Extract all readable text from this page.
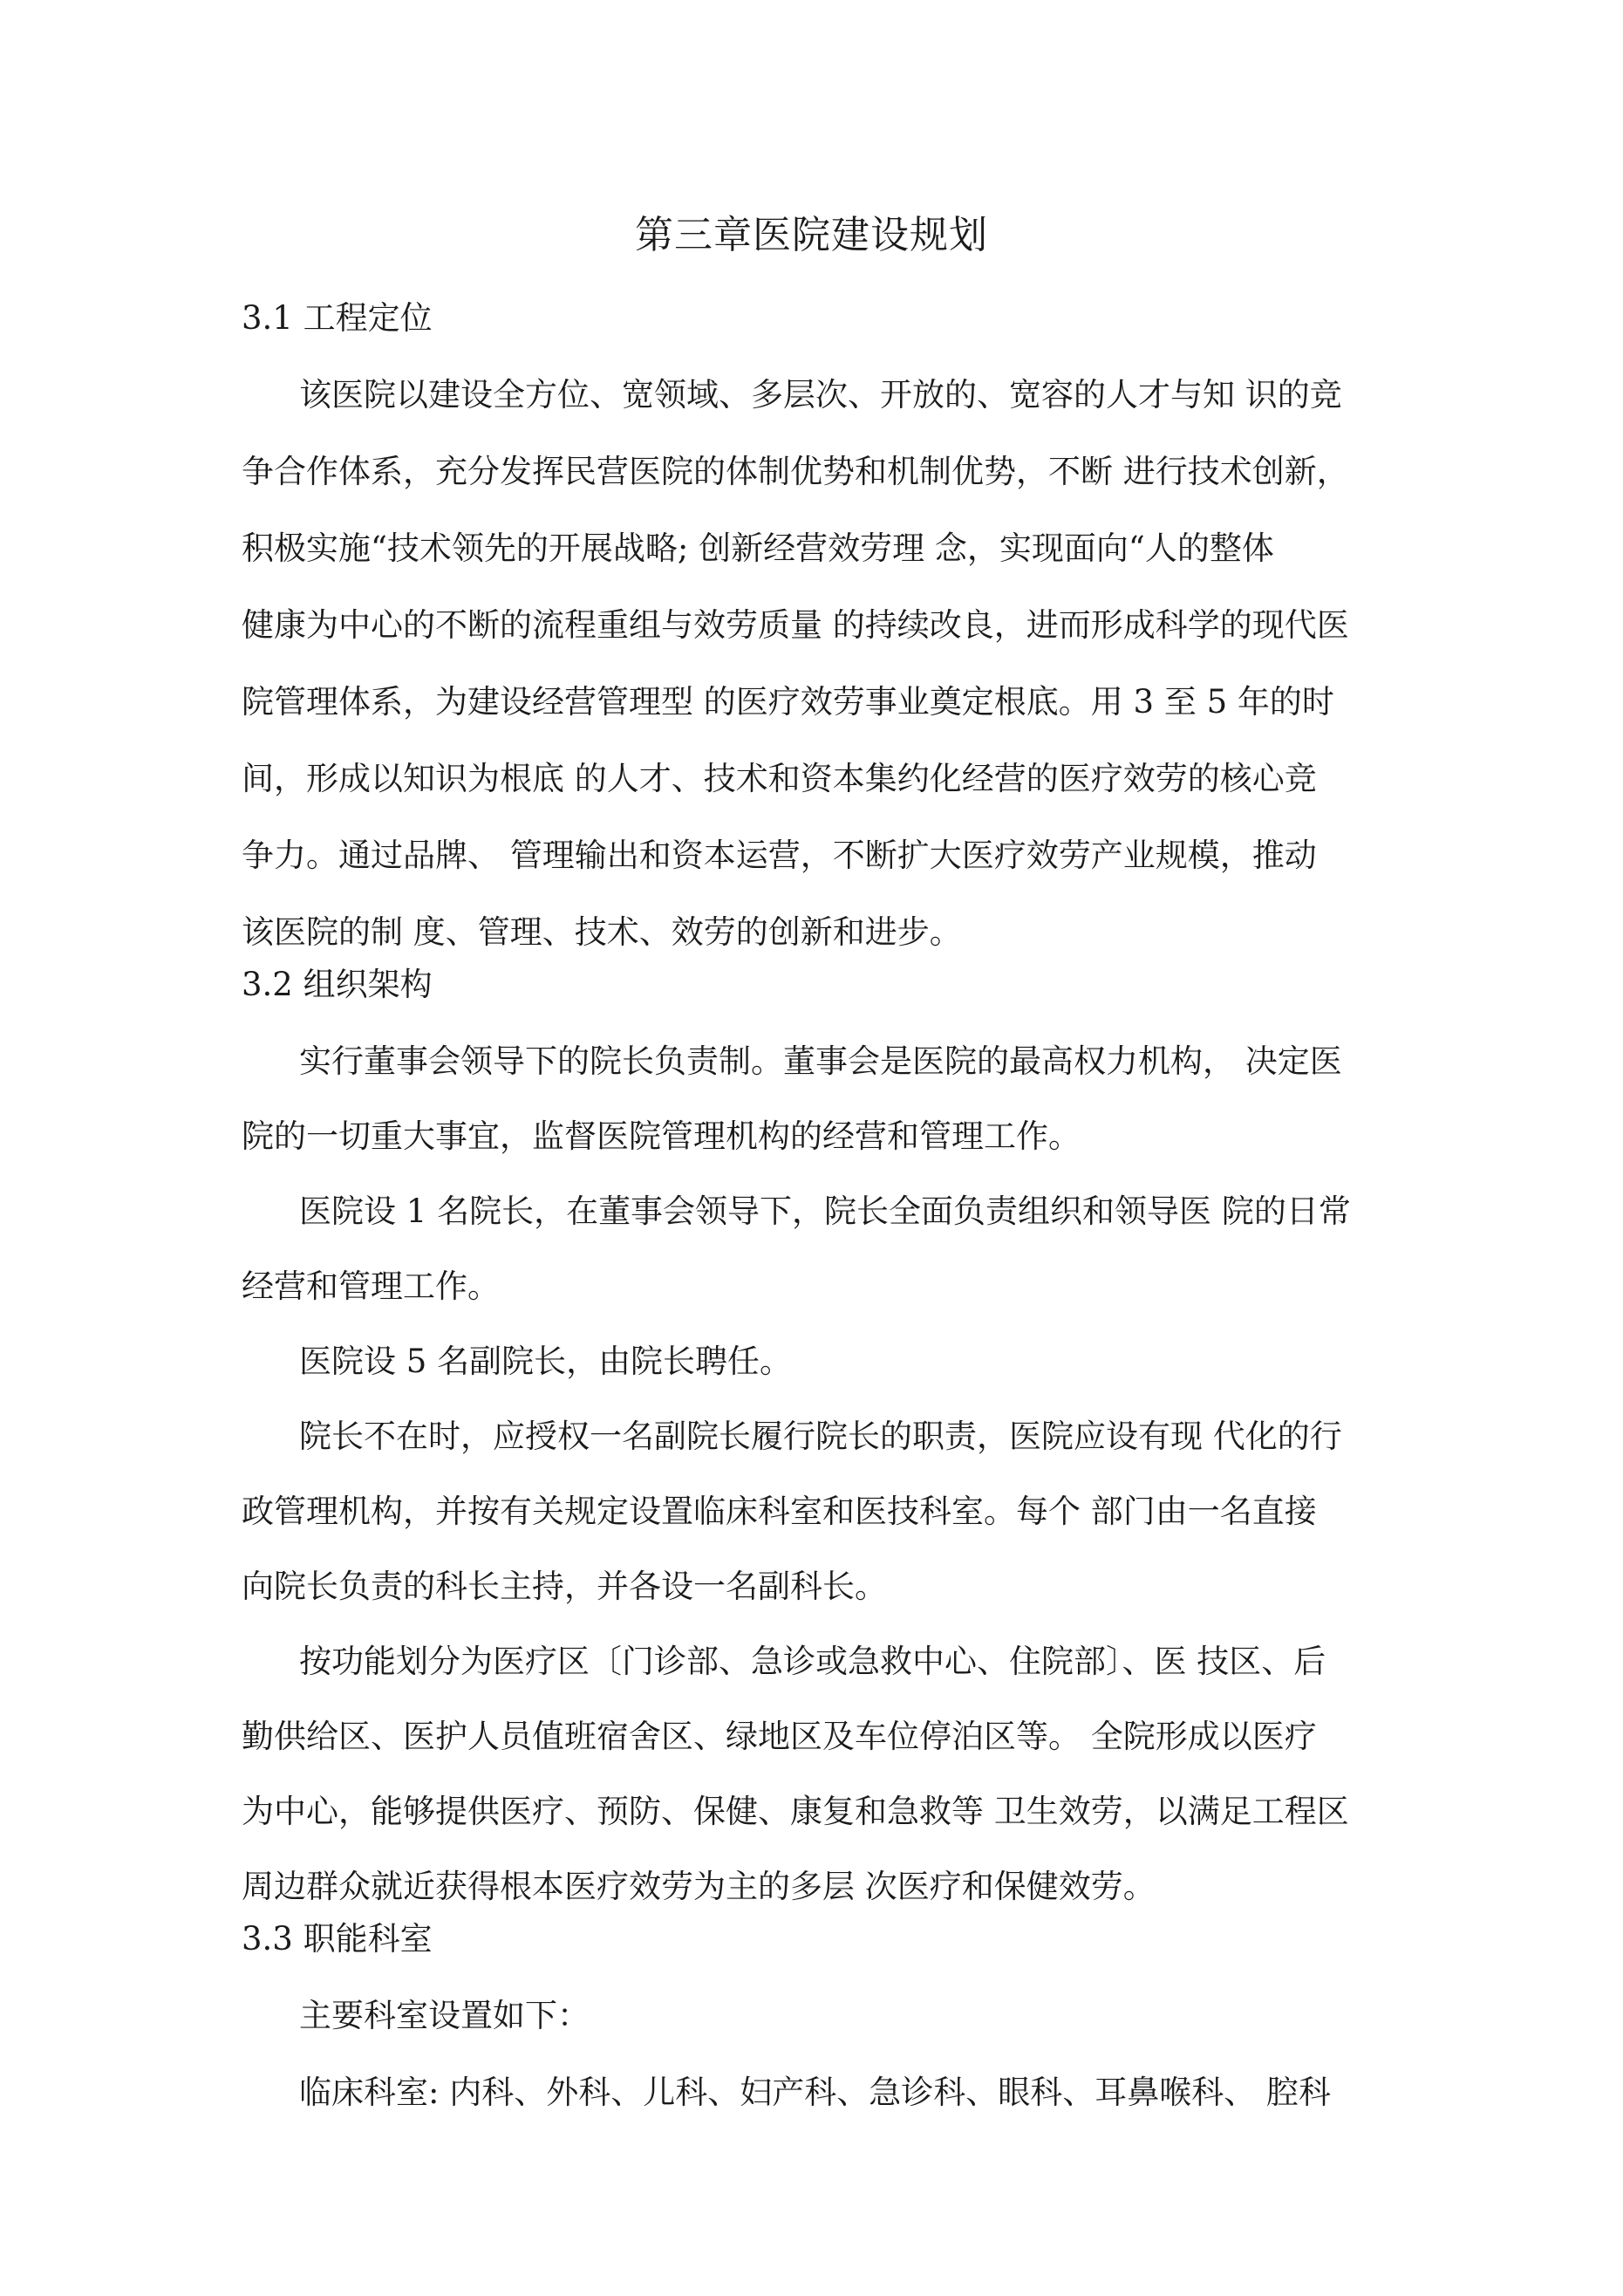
第三章医院建设规划
3.1 工程定位
该医院以建设全方位、宽领域、多层次、开放的、宽容的人才与知 识的竞
争合作体系，充分发挥民营医院的体制优势和机制优势，不断 进行技术创新，
积极实施“技术领先的开展战略; 创新经营效劳理 念，实现面向“人的整体
健康为中心的不断的流程重组与效劳质量 的持续改良，进而形成科学的现代医
院管理体系，为建设经营管理型 的医疗效劳事业奠定根底。用 3 至 5 年的时
间，形成以知识为根底 的人才、技术和资本集约化经营的医疗效劳的核心竞
争力。通过品牌、 管理输出和资本运营，不断扩大医疗效劳产业规模，推动
该医院的制 度、管理、技术、效劳的创新和进步。
3.2 组织架构
实行董事会领导下的院长负责制。董事会是医院的最高权力机构， 决定医
院的一切重大事宜，监督医院管理机构的经营和管理工作。
医院设 1 名院长，在董事会领导下，院长全面负责组织和领导医 院的日常
经营和管理工作。
医院设 5 名副院长，由院长聘任。
院长不在时，应授权一名副院长履行院长的职责，医院应设有现 代化的行
政管理机构，并按有关规定设置临床科室和医技科室。每个 部门由一名直接
向院长负责的科长主持，并各设一名副科长。
按功能划分为医疗区〔门诊部、急诊或急救中心、住院部〕、医 技区、后
勤供给区、医护人员值班宿舍区、绿地区及车位停泊区等。 全院形成以医疗
为中心，能够提供医疗、预防、保健、康复和急救等 卫生效劳，以满足工程区
周边群众就近获得根本医疗效劳为主的多层 次医疗和保健效劳。
3.3 职能科室
主要科室设置如下：
临床科室: 内科、外科、儿科、妇产科、急诊科、眼科、耳鼻喉科、 腔科
